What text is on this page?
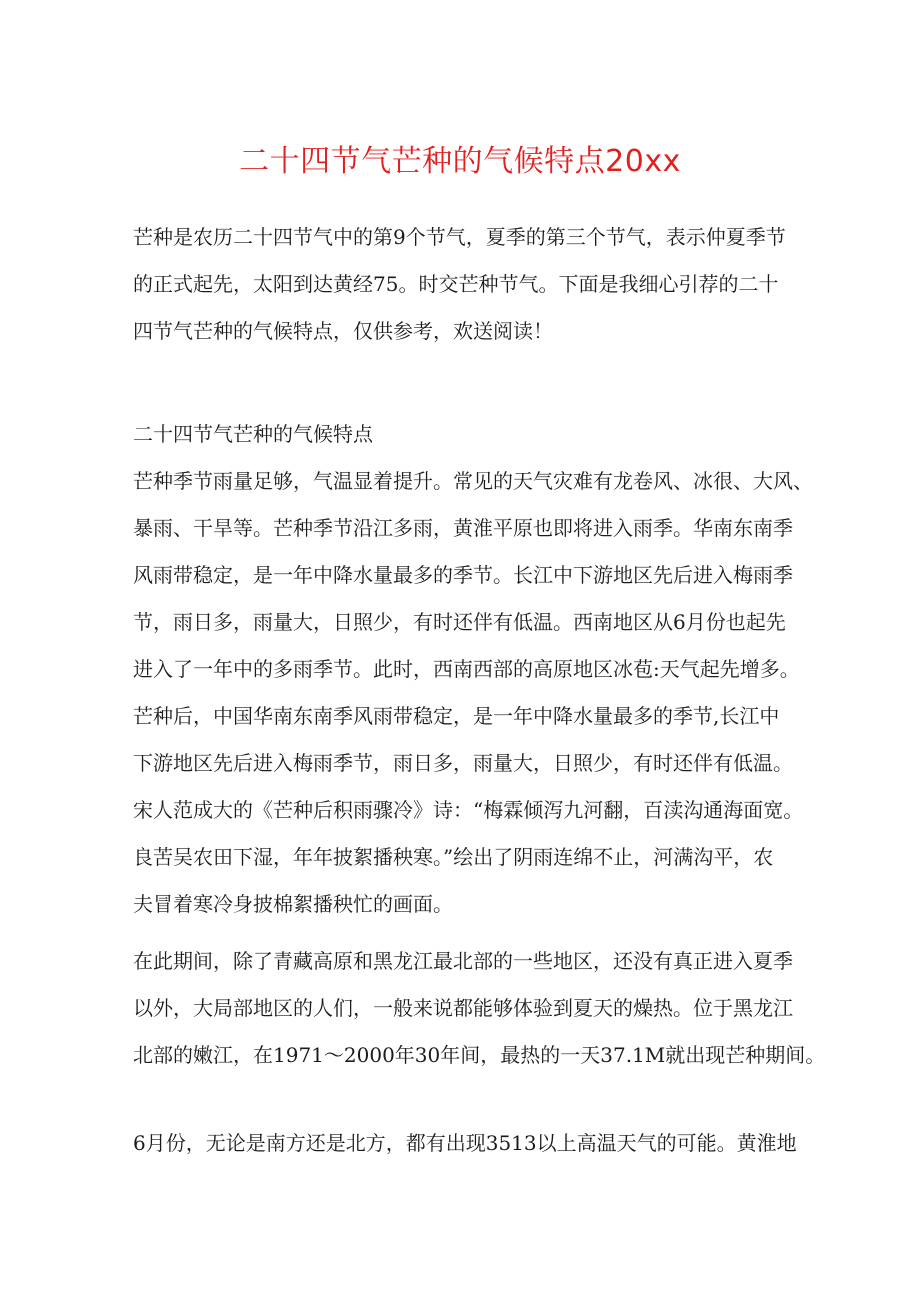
二十四节气芒种的气候特点20xx
芒种是农历二十四节气中的第9个节气，夏季的第三个节气，表示仲夏季节
的正式起先，太阳到达黄经75。时交芒种节气。下面是我细心引荐的二十
四节气芒种的气候特点，仅供参考，欢送阅读！
二十四节气芒种的气候特点
芒种季节雨量足够，气温显着提升。常见的天气灾难有龙卷风、冰很、大风、
暴雨、干旱等。芒种季节沿江多雨，黄淮平原也即将进入雨季。华南东南季
风雨带稳定，是一年中降水量最多的季节。长江中下游地区先后进入梅雨季
节，雨日多，雨量大，日照少，有时还伴有低温。西南地区从6月份也起先
进入了一年中的多雨季节。此时，西南西部的高原地区冰苞:天气起先增多。
芒种后，中国华南东南季风雨带稳定，是一年中降水量最多的季节,长江中
下游地区先后进入梅雨季节，雨日多，雨量大，日照少，有时还伴有低温。
宋人范成大的《芒种后积雨骤冷》诗：“梅霖倾泻九河翻，百渎沟通海面宽。
良苦吴农田下湿，年年披絮播秧寒。”绘出了阴雨连绵不止，河满沟平，农
夫冒着寒冷身披棉絮播秧忙的画面。
在此期间，除了青藏高原和黑龙江最北部的一些地区，还没有真正进入夏季
以外，大局部地区的人们，一般来说都能够体验到夏天的燥热。位于黑龙江
北部的嫩江，在1971～2000年30年间，最热的一天37.1M就出现芒种期间。
6月份，无论是南方还是北方，都有出现3513以上高温天气的可能。黄淮地
